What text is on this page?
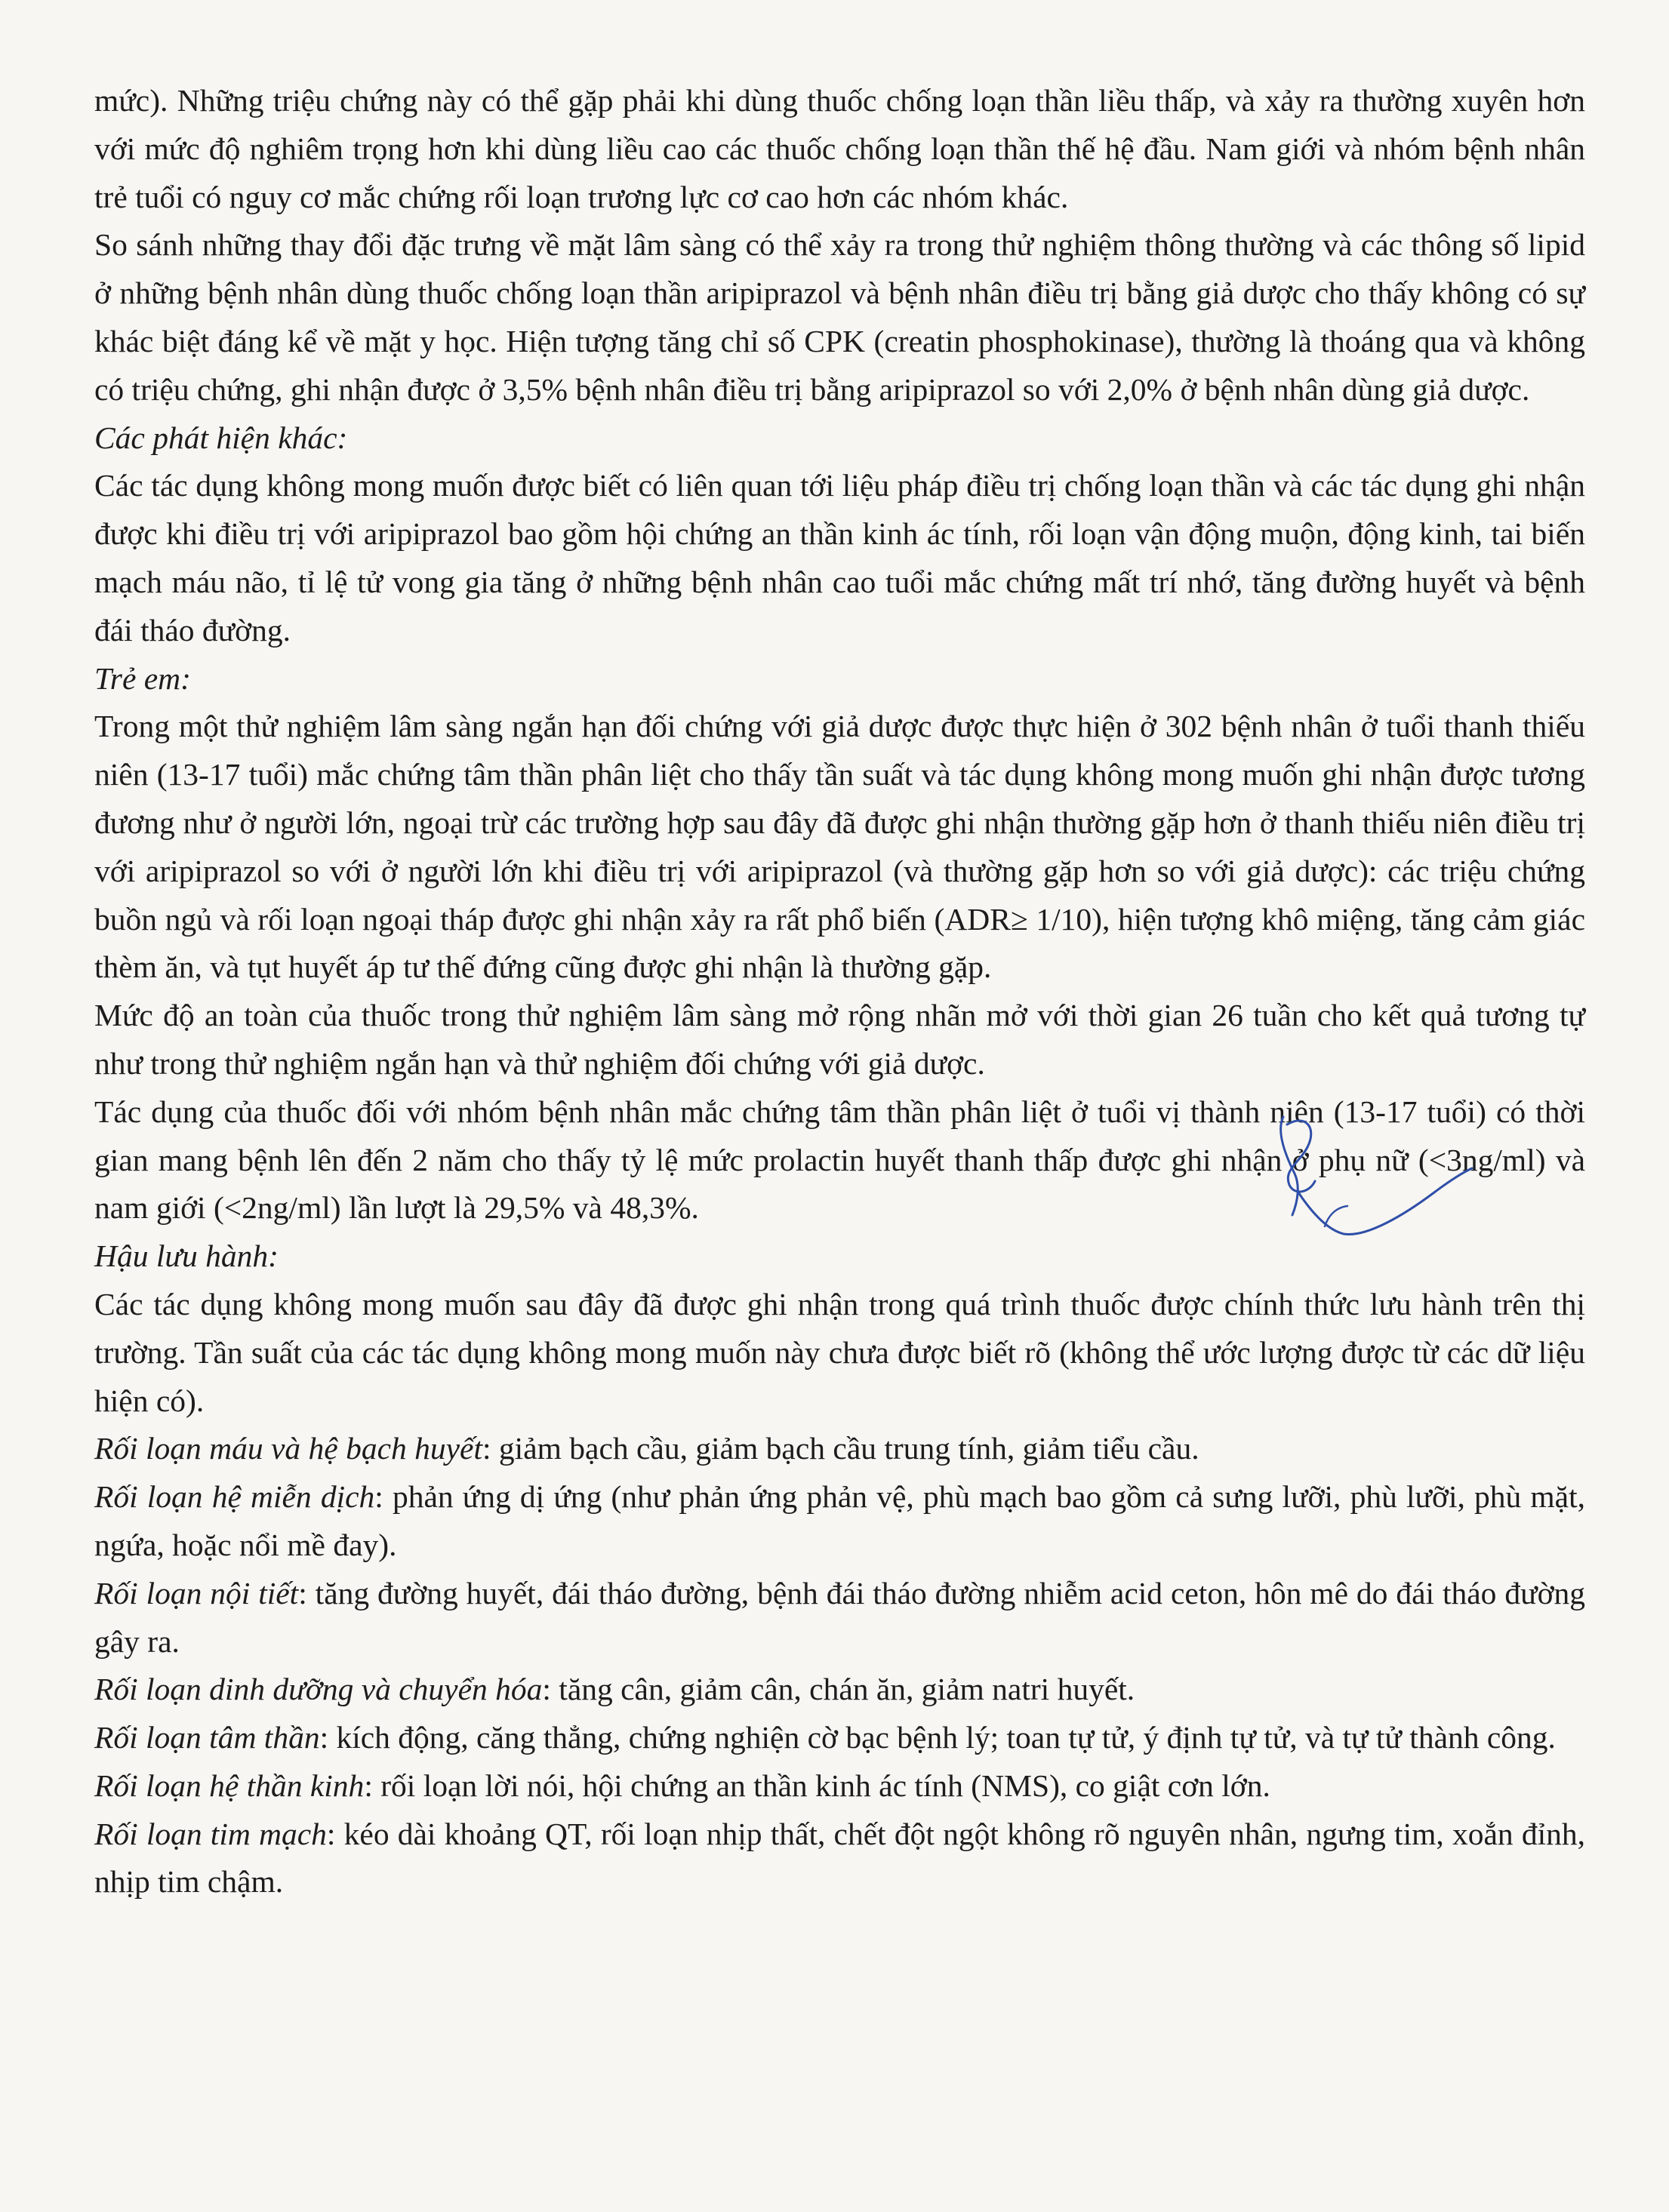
mức). Những triệu chứng này có thể gặp phải khi dùng thuốc chống loạn thần liều thấp, và xảy ra thường xuyên hơn với mức độ nghiêm trọng hơn khi dùng liều cao các thuốc chống loạn thần thế hệ đầu. Nam giới và nhóm bệnh nhân trẻ tuổi có nguy cơ mắc chứng rối loạn trương lực cơ cao hơn các nhóm khác.

So sánh những thay đổi đặc trưng về mặt lâm sàng có thể xảy ra trong thử nghiệm thông thường và các thông số lipid ở những bệnh nhân dùng thuốc chống loạn thần aripiprazol và bệnh nhân điều trị bằng giả dược cho thấy không có sự khác biệt đáng kể về mặt y học. Hiện tượng tăng chỉ số CPK (creatin phosphokinase), thường là thoáng qua và không có triệu chứng, ghi nhận được ở 3,5% bệnh nhân điều trị bằng aripiprazol so với 2,0% ở bệnh nhân dùng giả dược.

Các phát hiện khác:

Các tác dụng không mong muốn được biết có liên quan tới liệu pháp điều trị chống loạn thần và các tác dụng ghi nhận được khi điều trị với aripiprazol bao gồm hội chứng an thần kinh ác tính, rối loạn vận động muộn, động kinh, tai biến mạch máu não, tỉ lệ tử vong gia tăng ở những bệnh nhân cao tuổi mắc chứng mất trí nhớ, tăng đường huyết và bệnh đái tháo đường.

Trẻ em:

Trong một thử nghiệm lâm sàng ngắn hạn đối chứng với giả dược được thực hiện ở 302 bệnh nhân ở tuổi thanh thiếu niên (13-17 tuổi) mắc chứng tâm thần phân liệt cho thấy tần suất và tác dụng không mong muốn ghi nhận được tương đương như ở người lớn, ngoại trừ các trường hợp sau đây đã được ghi nhận thường gặp hơn ở thanh thiếu niên điều trị với aripiprazol so với ở người lớn khi điều trị với aripiprazol (và thường gặp hơn so với giả dược): các triệu chứng buồn ngủ và rối loạn ngoại tháp được ghi nhận xảy ra rất phổ biến (ADR≥ 1/10), hiện tượng khô miệng, tăng cảm giác thèm ăn, và tụt huyết áp tư thế đứng cũng được ghi nhận là thường gặp.

Mức độ an toàn của thuốc trong thử nghiệm lâm sàng mở rộng nhãn mở với thời gian 26 tuần cho kết quả tương tự như trong thử nghiệm ngắn hạn và thử nghiệm đối chứng với giả dược.

Tác dụng của thuốc đối với nhóm bệnh nhân mắc chứng tâm thần phân liệt ở tuổi vị thành niên (13-17 tuổi) có thời gian mang bệnh lên đến 2 năm cho thấy tỷ lệ mức prolactin huyết thanh thấp được ghi nhận ở phụ nữ (<3ng/ml) và nam giới (<2ng/ml) lần lượt là 29,5% và 48,3%.

Hậu lưu hành:

Các tác dụng không mong muốn sau đây đã được ghi nhận trong quá trình thuốc được chính thức lưu hành trên thị trường. Tần suất của các tác dụng không mong muốn này chưa được biết rõ (không thể ước lượng được từ các dữ liệu hiện có).

Rối loạn máu và hệ bạch huyết: giảm bạch cầu, giảm bạch cầu trung tính, giảm tiểu cầu.

Rối loạn hệ miễn dịch: phản ứng dị ứng (như phản ứng phản vệ, phù mạch bao gồm cả sưng lưỡi, phù lưỡi, phù mặt, ngứa, hoặc nổi mề đay).

Rối loạn nội tiết: tăng đường huyết, đái tháo đường, bệnh đái tháo đường nhiễm acid ceton, hôn mê do đái tháo đường gây ra.

Rối loạn dinh dưỡng và chuyển hóa: tăng cân, giảm cân, chán ăn, giảm natri huyết.

Rối loạn tâm thần: kích động, căng thẳng, chứng nghiện cờ bạc bệnh lý; toan tự tử, ý định tự tử, và tự tử thành công.

Rối loạn hệ thần kinh: rối loạn lời nói, hội chứng an thần kinh ác tính (NMS), co giật cơn lớn.

Rối loạn tim mạch: kéo dài khoảng QT, rối loạn nhịp thất, chết đột ngột không rõ nguyên nhân, ngưng tim, xoắn đỉnh, nhịp tim chậm.
